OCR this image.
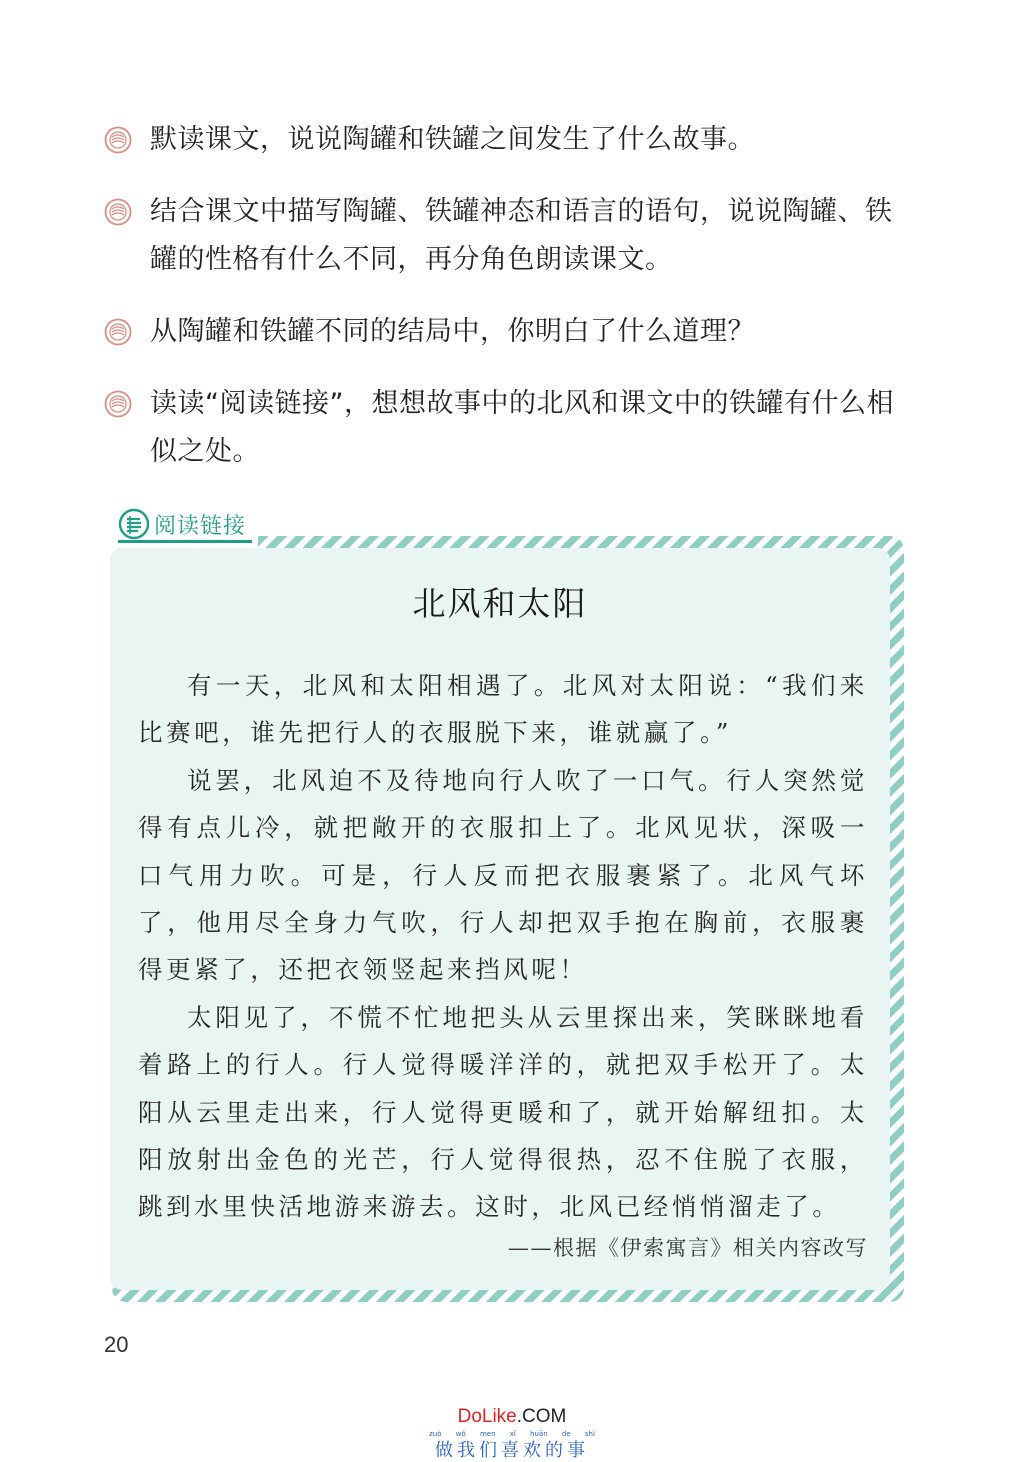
默读课文，说说陶罐和铁罐之间发生了什么故事。
结合课文中描写陶罐、铁罐神态和语言的语句，说说陶罐、铁罐的性格有什么不同，再分角色朗读课文。
从陶罐和铁罐不同的结局中，你明白了什么道理？
读读“阅读链接”，想想故事中的北风和课文中的铁罐有什么相似之处。
阅读链接
北风和太阳

有一天，北风和太阳相遇了。北风对太阳说：“我们来比赛吧，谁先把行人的衣服脱下来，谁就赢了。”

说罢，北风迫不及待地向行人吹了一口气。行人突然觉得有点儿冷，就把敞开的衣服扣上了。北风见状，深吸一口气用力吹。可是，行人反而把衣服裹紧了。北风气坏了，他用尽全身力气吹，行人却把双手抱在胸前，衣服裹得更紧了，还把衣领竖起来挡风呢！

太阳见了，不慌不忙地把头从云里探出来，笑眯眯地看着路上的行人。行人觉得暖洋洋的，就把双手松开了。太阳从云里走出来，行人觉得更暖和了，就开始解纽扣。太阳放射出金色的光芒，行人觉得很热，忍不住脱了衣服，跳到水里快活地游来游去。这时，北风已经悄悄溜走了。

——根据《伊索寓言》相关内容改写
20
DoLike.COM
zuò wǒ men xǐ huān de shì
做我们喜欢的事
